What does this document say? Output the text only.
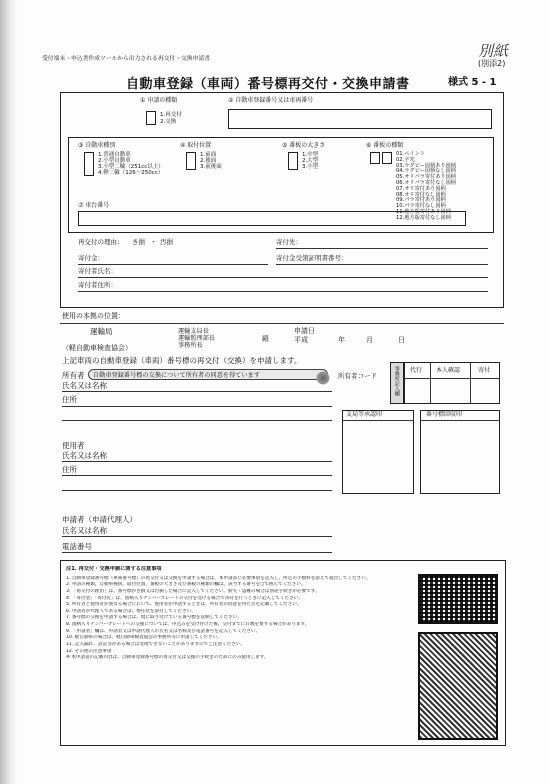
受付端末・申込書作成ツールから出力される再交付・交換申請書	別紙
(別添2)
自動車登録（車両）番号標再交付・交換申請書	様式 5 - 1
① 申請の種類
1.再交付
2.交換
② 自動車登録番号又は車両番号
③ 自動車種別
1.普通自動車
2.小型自動車
3.小型二輪（251cc以上）
4.軽二輪（126～250cc）
④ 取付位置
1.前面
2.後面
3.前後面
⑤ 番板の大きさ
1.中型
2.大型
3.小型
⑥ 番板の種類
01.ペイント
02.字光
03.ラグビー図柄あり図柄
04.ラグビー図柄なし図柄
05.オリパラ寄付あり図柄
06.オリパラ寄付なし図柄
07.オリ寄付あり図柄
08.オリ寄付なし図柄
09.パラ寄付あり図柄
10.パラ寄付なし図柄
11.地方版寄付あり図柄
12.地方版寄付なし図柄
⑦ 車台番号
再交付の理由： き損 ・ 汚損	寄付先：
寄付金：	寄付金受領証明書番号：
寄付者氏名：
寄付者住所：
使用の本拠の位置：
運輸局	運輸支局長
運輸監理部長
事務所長
殿
申請日
平成	年	月	日
（軽自動車検査協会）
上記車両の自動車登録（車両）番号標の再交付（交換）を申請します。
所有者	自動車登録番号標の交換について所有者の同意を得ています	所有者コード
氏名又は名称
住所
事務所記入欄 代行 本人確認	寄付
支局等承認印	番号標回収印
使用者
氏名又は名称
住所
申請者（申請代理人）
氏名又は名称
電話番号

注1. 再交付・交換申請に関する注意事項

1. 自動車登録番号標（車両番号標）の再交付又は交換を申請する場合は、本申請書に必要事項を記入し、所定の手数料を添えて提出してください。

2. 申請の種類、自動車種別、取付位置、番板の大きさ及び番板の種類の欄は、該当する番号を○で囲んでください。

3. 「再交付の理由」は、番号標がき損又は汚損した場合に記入してください。紛失・盗難の場合は別途手続きが必要です。

4. 「寄付金」「寄付先」は、図柄入りナンバープレートの交付を受ける場合で寄付を行うときに記入してください。

5. 所有者と使用者が異なる場合において、使用者が申請するときは、所有者の同意を得た旨を記載してください。

6. 申請者が代理人である場合は、委任状を添付してください。

7. 番号標の交換を申請する場合は、現に取り付けている番号標を返納してください。

8. 図柄入りナンバープレートへの交換については、申込みを受け付けた後、交付までに日数を要する場合があります。

9. 「申請者」欄は、申請者又は申請代理人の氏名又は名称及び電話番号を記入してください。

10. 軽自動車の場合は、軽自動車検査協会の事務所等に申請してください。

11. 記入漏れ、誤記等がある場合は受理できないことがありますのでご注意ください。

12. その他の注意事項

※ 本申請書の記載内容は、自動車登録番号標の再交付又は交換の手続きのためにのみ使用します。
